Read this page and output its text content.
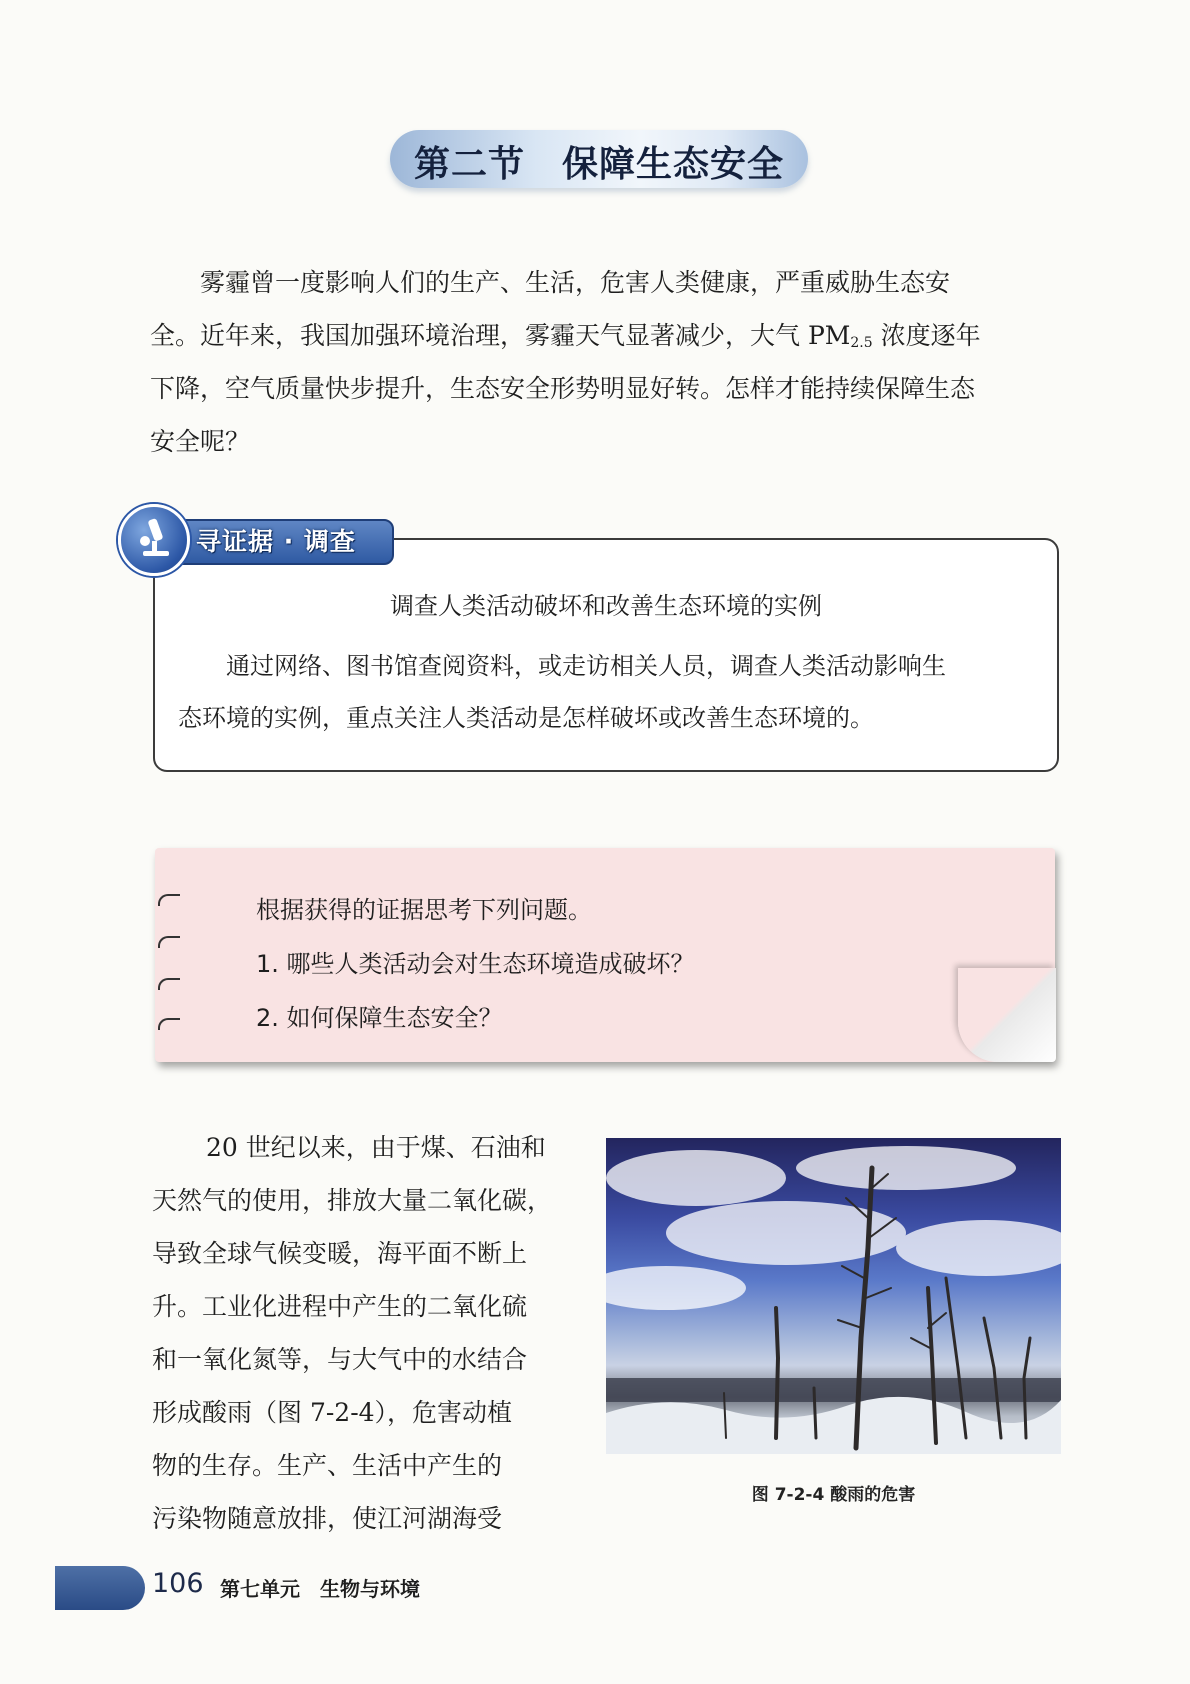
第二节　保障生态安全
雾霾曾一度影响人们的生产、生活，危害人类健康，严重威胁生态安
全。近年来，我国加强环境治理，雾霾天气显著减少，大气 $PM_{2.5}$ 浓度逐年
下降，空气质量快步提升，生态安全形势明显好转。怎样才能持续保障生态
安全呢？
寻证据 · 调查
调查人类活动破坏和改善生态环境的实例
通过网络、图书馆查阅资料，或走访相关人员，调查人类活动影响生
态环境的实例，重点关注人类活动是怎样破坏或改善生态环境的。
根据获得的证据思考下列问题。
1. 哪些人类活动会对生态环境造成破坏？
2. 如何保障生态安全？
20 世纪以来，由于煤、石油和
天然气的使用，排放大量二氧化碳，
导致全球气候变暖，海平面不断上
升。工业化进程中产生的二氧化硫
和一氧化氮等，与大气中的水结合
形成酸雨（图 7-2-4），危害动植
物的生存。生产、生活中产生的
污染物随意放排，使江河湖海受
图 7-2-4 酸雨的危害
106 第七单元　生物与环境
